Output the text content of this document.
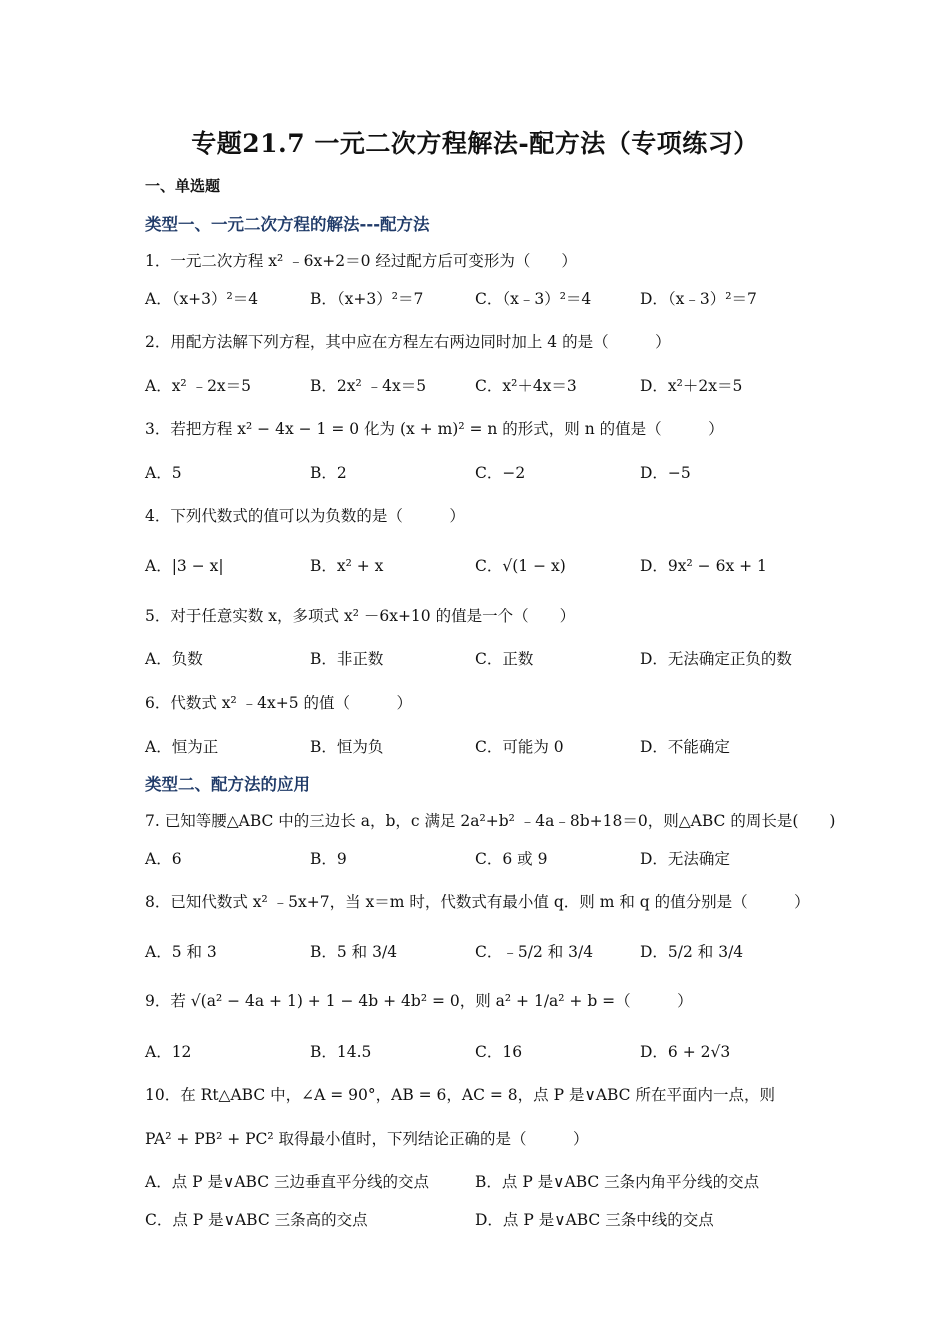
专题21.7 一元二次方程解法-配方法（专项练习）
一、单选题
类型一、一元二次方程的解法---配方法
1．一元二次方程 x² ﹣6x+2＝0 经过配方后可变形为（　　）
A．（x+3）²＝4	B．（x+3）²＝7	C．（x﹣3）²＝4	D．（x﹣3）²＝7
2．用配方法解下列方程，其中应在方程左右两边同时加上 4 的是（　　　）
A．x² ﹣2x＝5	B．2x² ﹣4x＝5	C．x²＋4x＝3	D．x²＋2x＝5
3．若把方程 x² − 4x − 1 = 0 化为 (x + m)² = n 的形式，则 n 的值是（　　　）
A．5	B．2	C．−2	D．−5
4．下列代数式的值可以为负数的是（　　　）
A．|3 − x|	B．x² + x	C．√(1 − x)	D．9x² − 6x + 1
5．对于任意实数 x，多项式 x² －6x+10 的值是一个（　　）
A．负数	B．非正数	C．正数	D．无法确定正负的数
6．代数式 x² ﹣4x+5 的值（　　　）
A．恒为正	B．恒为负	C．可能为 0	D．不能确定
类型二、配方法的应用
7. 已知等腰△ABC 中的三边长 a，b，c 满足 2a²+b² ﹣4a﹣8b+18＝0，则△ABC 的周长是(　　)
A．6	B．9	C．6 或 9	D．无法确定
8．已知代数式 x² ﹣5x+7，当 x＝m 时，代数式有最小值 q．则 m 和 q 的值分别是（　　　）
A．5 和 3	B．5 和 3/4	C．﹣5/2 和 3/4	D．5/2 和 3/4
9．若 √(a² − 4a + 1) + 1 − 4b + 4b² = 0，则 a² + 1/a² + b =（　　　）
A．12	B．14.5	C．16	D．6 + 2√3
10．在 Rt△ABC 中，∠A = 90°，AB = 6，AC = 8，点 P 是∨ABC 所在平面内一点，则
PA² + PB² + PC² 取得最小值时，下列结论正确的是（　　　）
A．点 P 是∨ABC 三边垂直平分线的交点	B．点 P 是∨ABC 三条内角平分线的交点
C．点 P 是∨ABC 三条高的交点	D．点 P 是∨ABC 三条中线的交点
